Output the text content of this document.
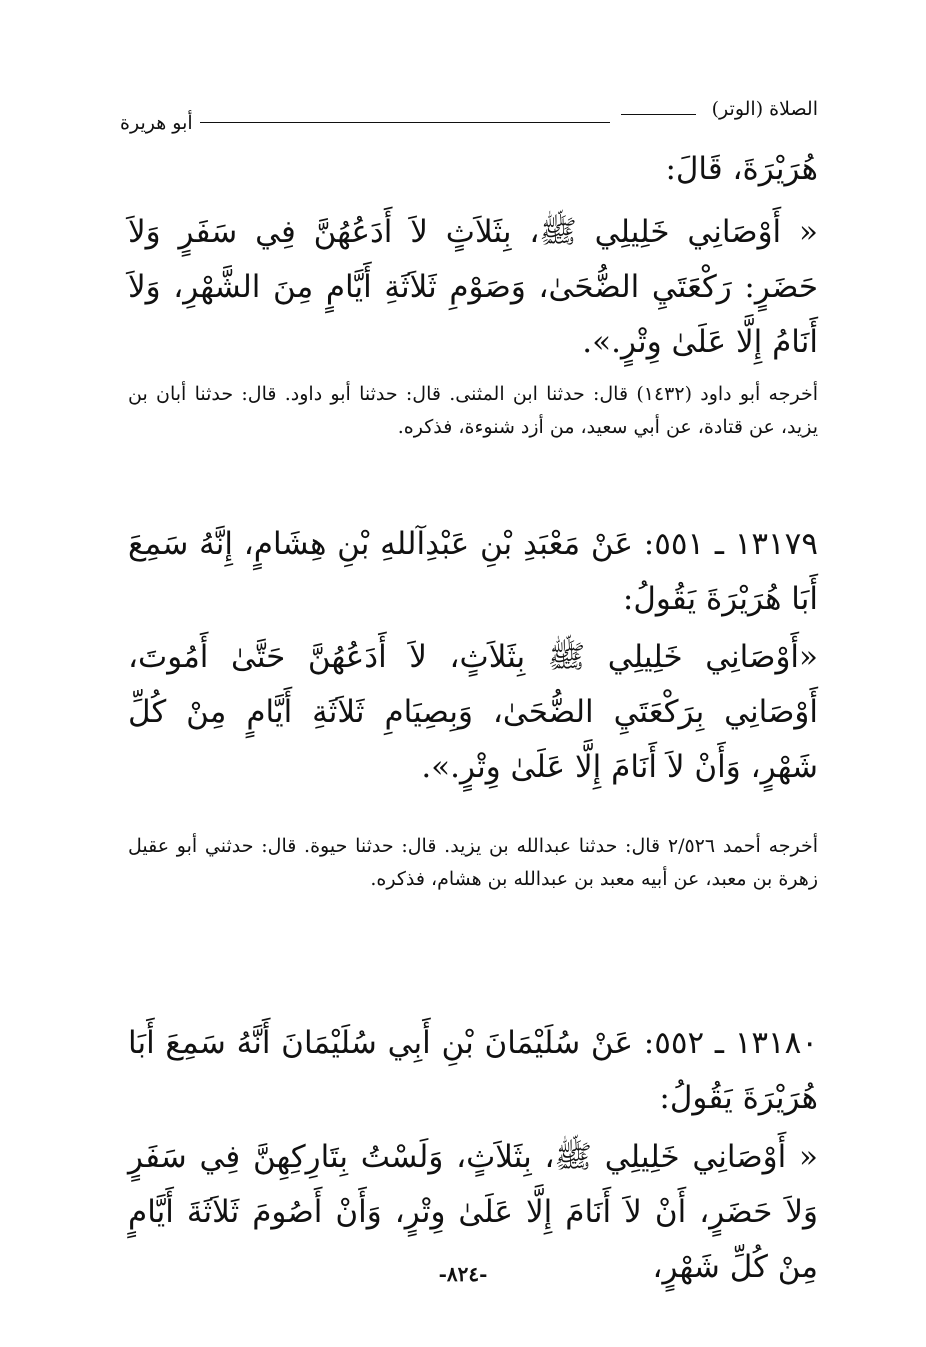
الصلاة (الوتر)
أبو هريرة
هُرَيْرَةَ، قَالَ:
« أَوْصَانِي خَلِيلِي ﷺ، بِثَلاَثٍ لاَ أَدَعُهُنَّ فِي سَفَرٍ وَلاَ حَضَرٍ: رَكْعَتَيِ الضُّحَىٰ، وَصَوْمِ ثَلاَثَةِ أَيَّامٍ مِنَ الشَّهْرِ، وَلاَ أَنَامُ إِلَّا عَلَىٰ وِتْرٍ.».
أخرجه أبو داود (١٤٣٢) قال: حدثنا ابن المثنى. قال: حدثنا أبو داود. قال: حدثنا أبان بن يزيد، عن قتادة، عن أبي سعيد، من أزد شنوءة، فذكره.
١٣١٧٩ ـ ٥٥١: عَنْ مَعْبَدِ بْنِ عَبْدِآللهِ بْنِ هِشَامٍ، إِنَّهُ سَمِعَ أَبَا هُرَيْرَةَ يَقُولُ:
«أَوْصَانِي خَلِيلِي ﷺ بِثَلاَثٍ، لاَ أَدَعُهُنَّ حَتَّىٰ أَمُوتَ، أَوْصَانِي بِرَكْعَتَيِ الضُّحَىٰ، وَبِصِيَامِ ثَلاَثَةِ أَيَّامٍ مِنْ كُلِّ شَهْرٍ، وَأَنْ لاَ أَنَامَ إِلَّا عَلَىٰ وِتْرٍ.».
أخرجه أحمد ٢/٥٢٦ قال: حدثنا عبدالله بن يزيد. قال: حدثنا حيوة. قال: حدثني أبو عقيل زهرة بن معبد، عن أبيه معبد بن عبدالله بن هشام، فذكره.
١٣١٨٠ ـ ٥٥٢: عَنْ سُلَيْمَانَ بْنِ أَبِي سُلَيْمَانَ أَنَّهُ سَمِعَ أَبَا هُرَيْرَةَ يَقُولُ:
« أَوْصَانِي خَلِيلِي ﷺ، بِثَلاَثٍ، وَلَسْتُ بِتَارِكِهِنَّ فِي سَفَرٍ وَلاَ حَضَرٍ، أَنْ لاَ أَنَامَ إِلَّا عَلَىٰ وِتْرٍ، وَأَنْ أَصُومَ ثَلاَثَةَ أَيَّامٍ مِنْ كُلِّ شَهْرٍ،
-٨٢٤-
